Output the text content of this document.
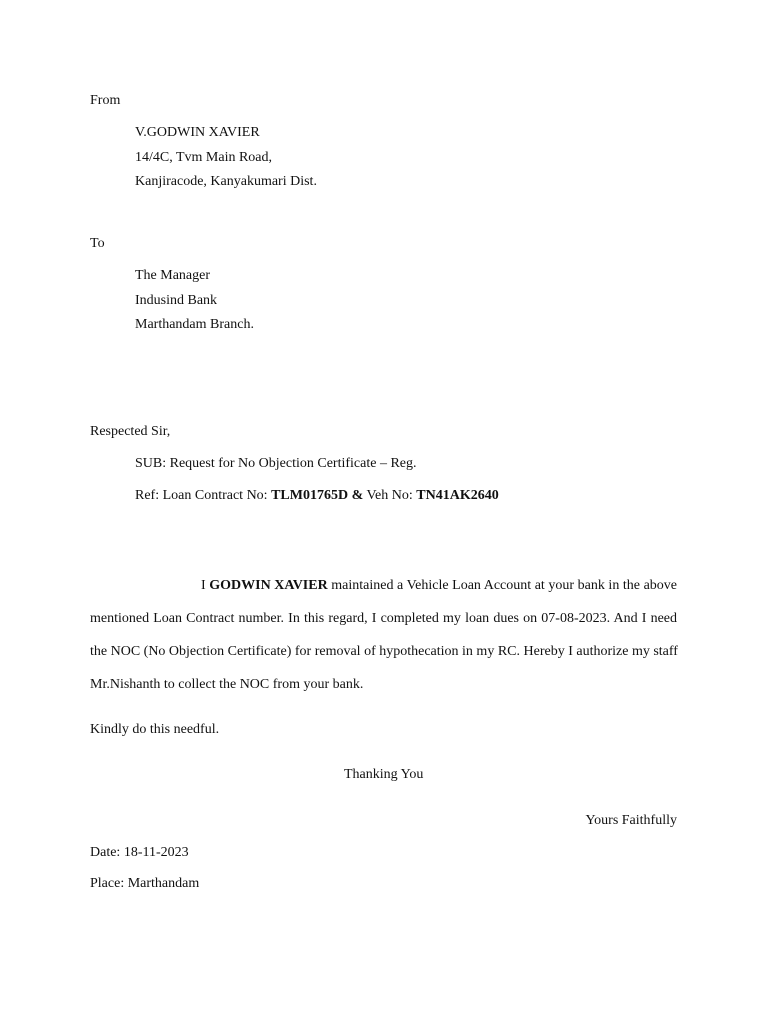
From
V.GODWIN XAVIER
14/4C, Tvm Main Road,
Kanjiracode, Kanyakumari Dist.
To
The Manager
Indusind Bank
Marthandam Branch.
Respected Sir,
SUB: Request for No Objection Certificate – Reg.
Ref: Loan Contract No: TLM01765D & Veh No: TN41AK2640
I GODWIN XAVIER maintained a Vehicle Loan Account at your bank in the above
mentioned Loan Contract number. In this regard, I completed my loan dues on 07-08-2023. And I need
the NOC (No Objection Certificate) for removal of hypothecation in my RC. Hereby I authorize my staff
Mr.Nishanth to collect the NOC from your bank.
Kindly do this needful.
Thanking You
Yours Faithfully
Date: 18-11-2023
Place: Marthandam
